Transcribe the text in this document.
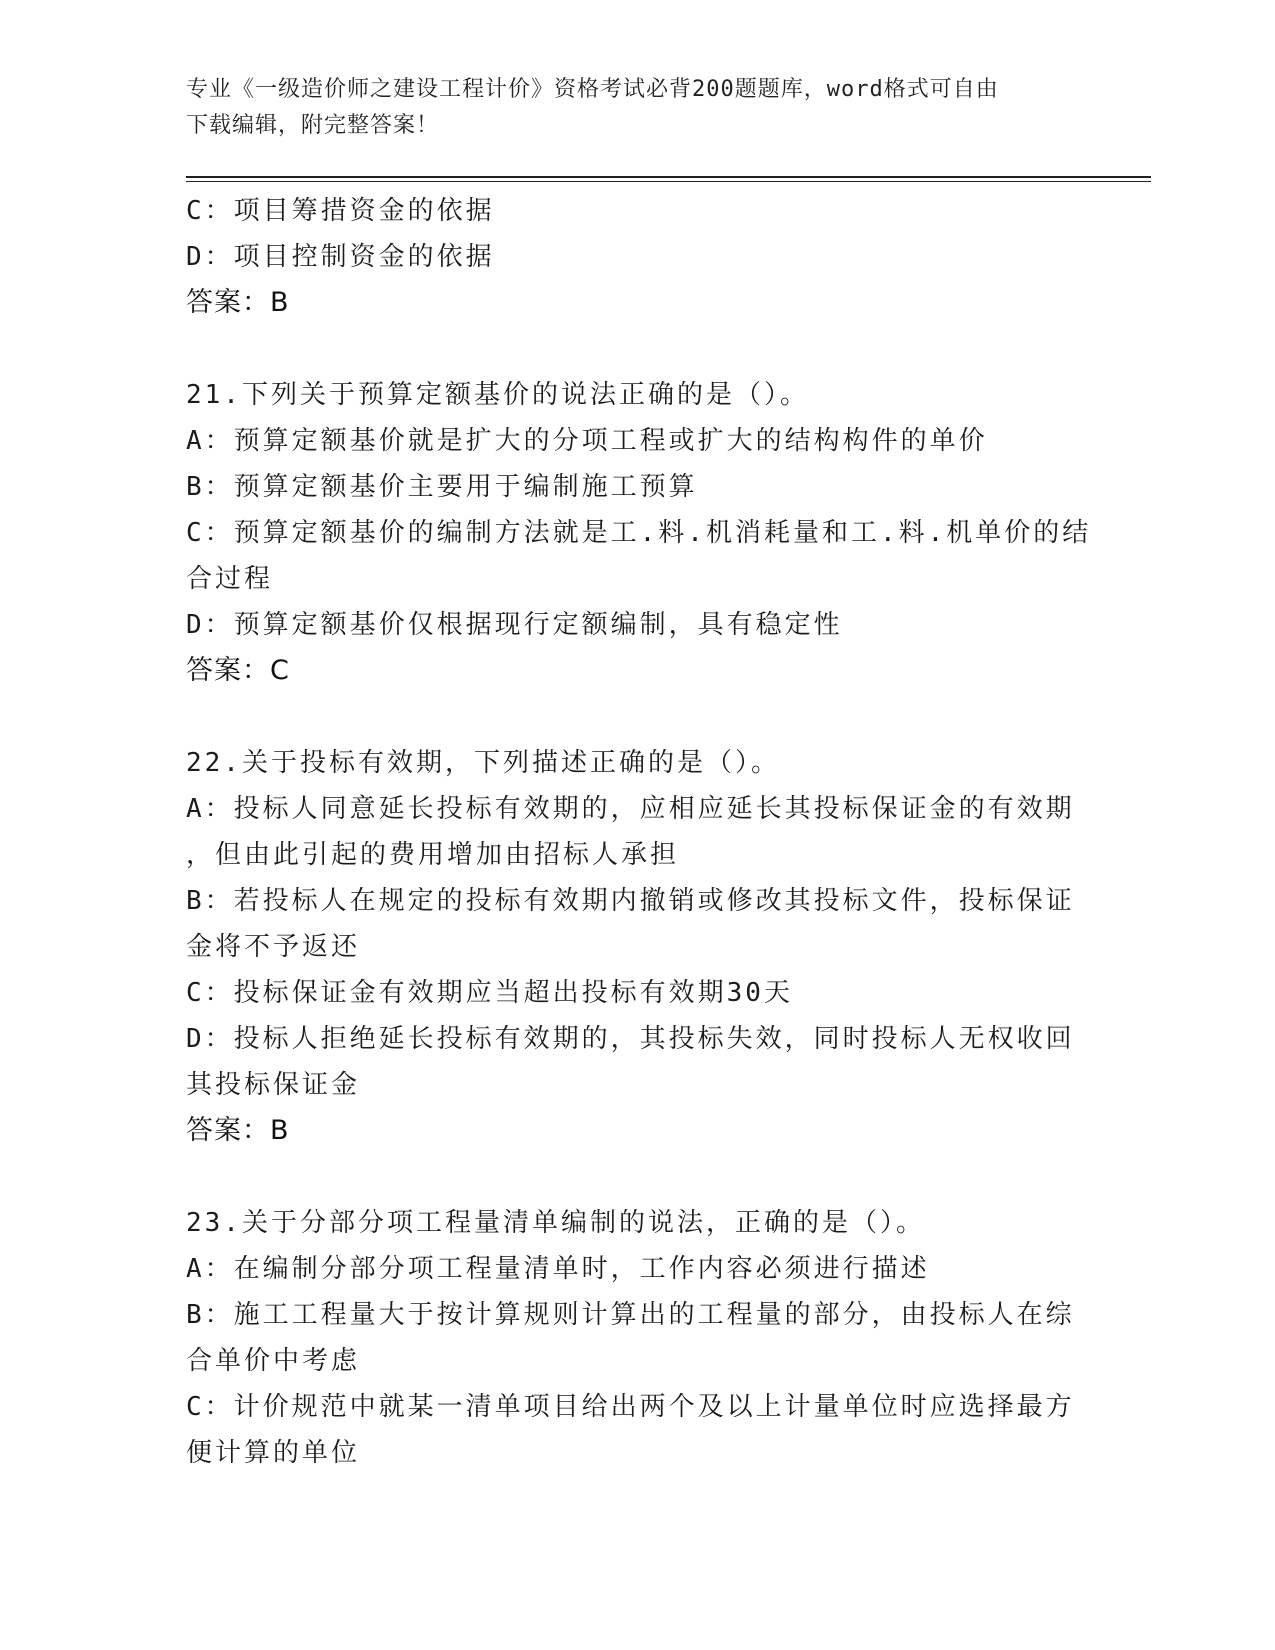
专业《一级造价师之建设工程计价》资格考试必背200题题库，word格式可自由
下载编辑，附完整答案！
C：项目筹措资金的依据
D：项目控制资金的依据
答案：B
21.下列关于预算定额基价的说法正确的是（）。
A：预算定额基价就是扩大的分项工程或扩大的结构构件的单价
B：预算定额基价主要用于编制施工预算
C：预算定额基价的编制方法就是工.料.机消耗量和工.料.机单价的结
合过程
D：预算定额基价仅根据现行定额编制，具有稳定性
答案：C
22.关于投标有效期，下列描述正确的是（）。
A：投标人同意延长投标有效期的，应相应延长其投标保证金的有效期
，但由此引起的费用增加由招标人承担
B：若投标人在规定的投标有效期内撤销或修改其投标文件，投标保证
金将不予返还
C：投标保证金有效期应当超出投标有效期30天
D：投标人拒绝延长投标有效期的，其投标失效，同时投标人无权收回
其投标保证金
答案：B
23.关于分部分项工程量清单编制的说法，正确的是（）。
A：在编制分部分项工程量清单时，工作内容必须进行描述
B：施工工程量大于按计算规则计算出的工程量的部分，由投标人在综
合单价中考虑
C：计价规范中就某一清单项目给出两个及以上计量单位时应选择最方
便计算的单位
